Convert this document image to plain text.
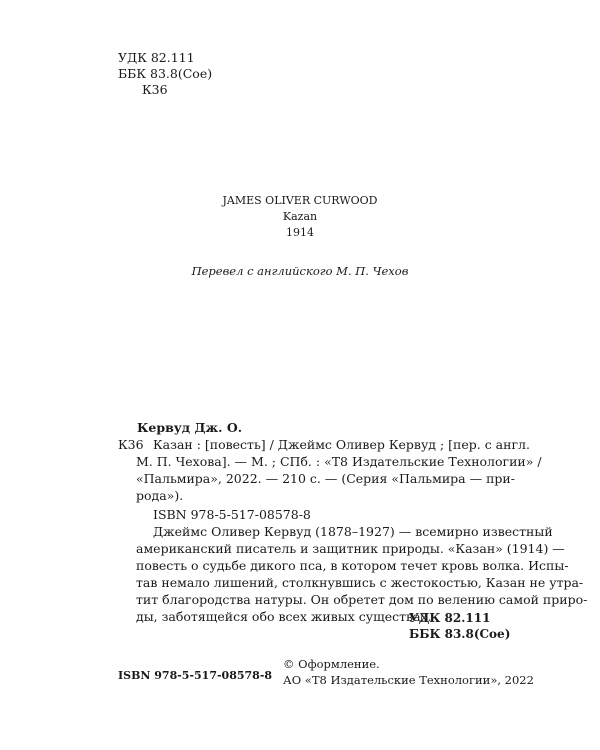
УДК 82.111
ББК 83.8(Сое)
К36
JAMES OLIVER CURWOOD
Kazan
1914
Перевел с английского М. П. Чехов
Кервуд Дж. О.
К36 Казан : [повесть] / Джеймс Оливер Кервуд ; [пер. с англ.
М. П. Чехова]. — М. ; СПб. : «Т8 Издательские Технологии» /
«Пальмира», 2022. — 210 с. — (Серия «Пальмира — при-
рода»).
ISBN 978-5-517-08578-8
Джеймс Оливер Кервуд (1878–1927) — всемирно известный
американский писатель и защитник природы. «Казан» (1914) —
повесть о судьбе дикого пса, в котором течет кровь волка. Испы-
тав немало лишений, столкнувшись с жестокостью, Казан не утра-
тит благородства натуры. Он обретет дом по велению самой приро-
ды, заботящейся обо всех живых существах.
УДК 82.111
ББК 83.8(Сое)
ISBN 978-5-517-08578-8
© Оформление.
АО «Т8 Издательские Технологии», 2022
